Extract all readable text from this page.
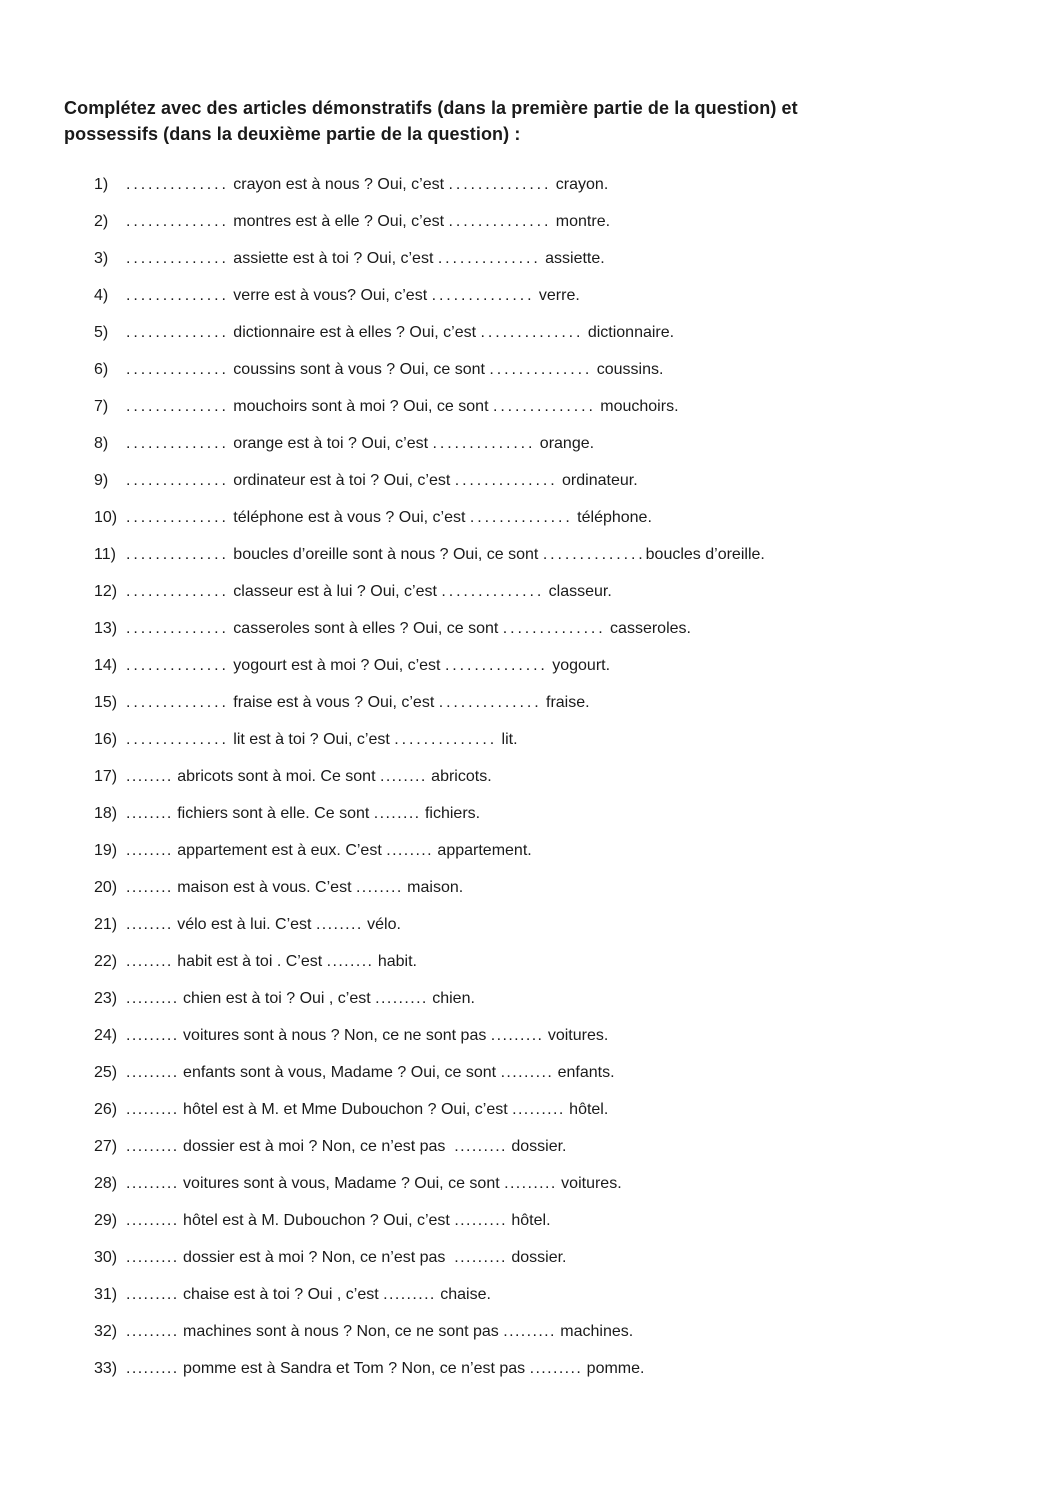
Complétez avec des articles démonstratifs (dans la première partie de la question) et
possessifs (dans la deuxième partie de la question) :
1)	.............. crayon est à nous ? Oui, c’est .............. crayon.
2)	.............. montres est à elle ? Oui, c’est .............. montre.
3)	.............. assiette est à toi ? Oui, c’est .............. assiette.
4)	.............. verre est à vous? Oui, c’est .............. verre.
5)	.............. dictionnaire est à elles ? Oui, c’est .............. dictionnaire.
6)	.............. coussins sont à vous ? Oui, ce sont .............. coussins.
7)	.............. mouchoirs sont à moi ? Oui, ce sont .............. mouchoirs.
8)	.............. orange est à toi ? Oui, c’est .............. orange.
9)	.............. ordinateur est à toi ? Oui, c’est .............. ordinateur.
10) .............. téléphone est à vous ? Oui, c’est .............. téléphone.
11) .............. boucles d’oreille sont à nous ? Oui, ce sont ..............boucles d’oreille.
12) .............. classeur est à lui ? Oui, c’est .............. classeur.
13) .............. casseroles sont à elles ? Oui, ce sont .............. casseroles.
14) .............. yogourt est à moi ? Oui, c’est .............. yogourt.
15) .............. fraise est à vous ? Oui, c’est .............. fraise.
16) .............. lit est à toi ? Oui, c’est .............. lit.
17) ........ abricots sont à moi. Ce sont ........ abricots.
18) ........ fichiers sont à elle. Ce sont ........ fichiers.
19) ........ appartement est à eux. C’est ........ appartement.
20) ........ maison est à vous. C’est ........ maison.
21) ........ vélo est à lui. C’est ........ vélo.
22) ........ habit est à toi . C’est ........ habit.
23) ......... chien est à toi ? Oui , c’est ......... chien.
24) ......... voitures sont à nous ? Non, ce ne sont pas ......... voitures.
25) ......... enfants sont à vous, Madame ? Oui, ce sont ......... enfants.
26) ......... hôtel est à M. et Mme Dubouchon ? Oui, c’est ......... hôtel.
27) ......... dossier est à moi ? Non, ce n’est pas  ......... dossier.
28) ......... voitures sont à vous, Madame ? Oui, ce sont ......... voitures.
29) ......... hôtel est à M. Dubouchon ? Oui, c’est ......... hôtel.
30) ......... dossier est à moi ? Non, ce n’est pas  ......... dossier.
31) ......... chaise est à toi ? Oui , c’est ......... chaise.
32) ......... machines sont à nous ? Non, ce ne sont pas ......... machines.
33) ......... pomme est à Sandra et Tom ? Non, ce n’est pas ......... pomme.
